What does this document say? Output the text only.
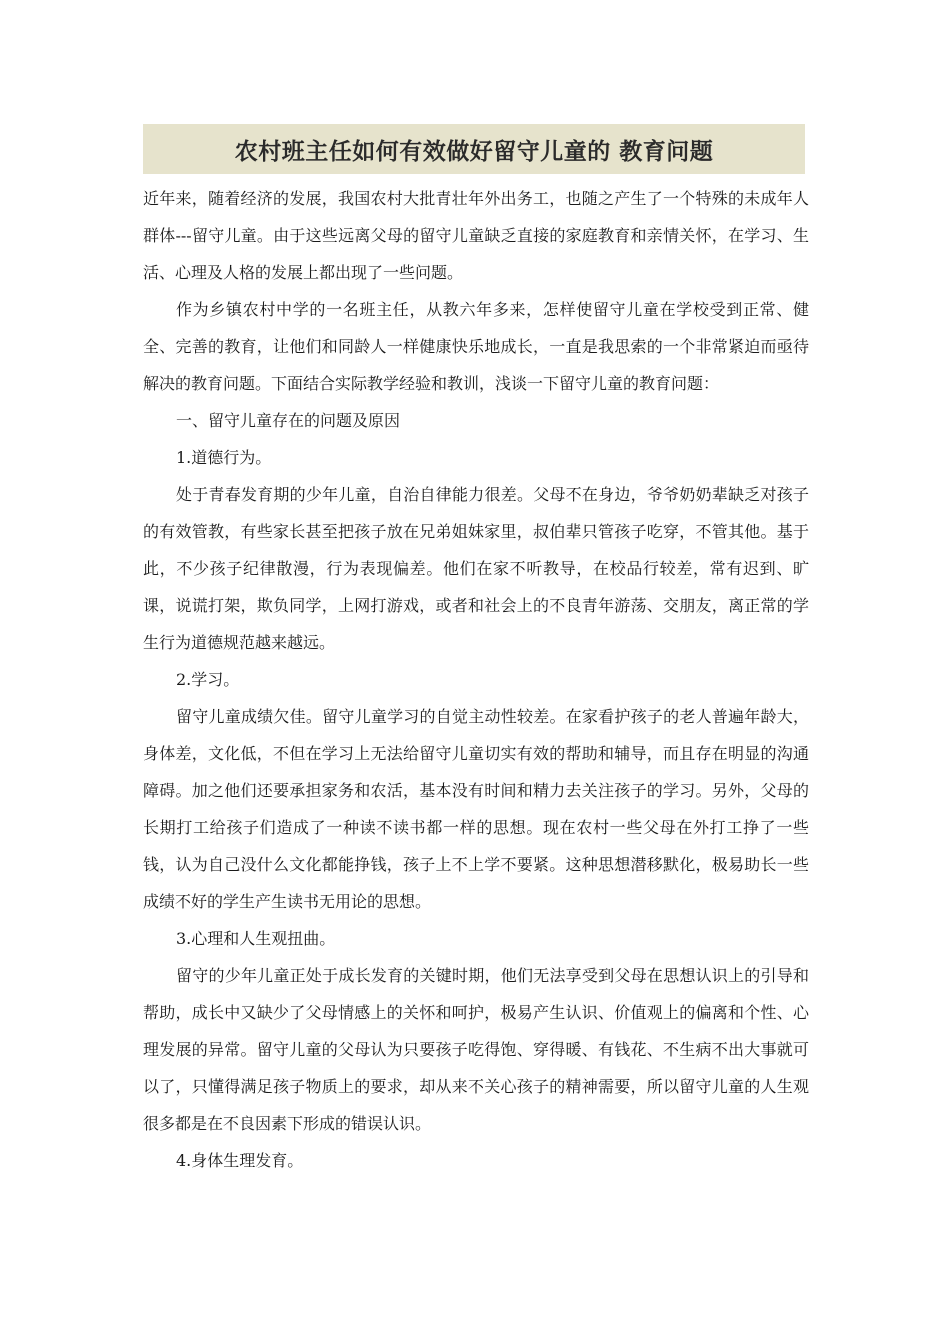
农村班主任如何有效做好留守儿童的 教育问题

近年来，随着经济的发展，我国农村大批青壮年外出务工，也随之产生了一个特殊的未成年人群体---留守儿童。由于这些远离父母的留守儿童缺乏直接的家庭教育和亲情关怀，在学习、生活、心理及人格的发展上都出现了一些问题。

作为乡镇农村中学的一名班主任，从教六年多来，怎样使留守儿童在学校受到正常、健全、完善的教育，让他们和同龄人一样健康快乐地成长，一直是我思索的一个非常紧迫而亟待解决的教育问题。下面结合实际教学经验和教训，浅谈一下留守儿童的教育问题：

一、留守儿童存在的问题及原因

1.道德行为。

处于青春发育期的少年儿童，自治自律能力很差。父母不在身边，爷爷奶奶辈缺乏对孩子的有效管教，有些家长甚至把孩子放在兄弟姐妹家里，叔伯辈只管孩子吃穿，不管其他。基于此，不少孩子纪律散漫，行为表现偏差。他们在家不听教导，在校品行较差，常有迟到、旷课，说谎打架，欺负同学，上网打游戏，或者和社会上的不良青年游荡、交朋友，离正常的学生行为道德规范越来越远。

2.学习。

留守儿童成绩欠佳。留守儿童学习的自觉主动性较差。在家看护孩子的老人普遍年龄大，身体差，文化低，不但在学习上无法给留守儿童切实有效的帮助和辅导，而且存在明显的沟通障碍。加之他们还要承担家务和农活，基本没有时间和精力去关注孩子的学习。另外，父母的长期打工给孩子们造成了一种读不读书都一样的思想。现在农村一些父母在外打工挣了一些钱，认为自己没什么文化都能挣钱，孩子上不上学不要紧。这种思想潜移默化，极易助长一些成绩不好的学生产生读书无用论的思想。

3.心理和人生观扭曲。

留守的少年儿童正处于成长发育的关键时期，他们无法享受到父母在思想认识上的引导和帮助，成长中又缺少了父母情感上的关怀和呵护，极易产生认识、价值观上的偏离和个性、心理发展的异常。留守儿童的父母认为只要孩子吃得饱、穿得暖、有钱花、不生病不出大事就可以了，只懂得满足孩子物质上的要求，却从来不关心孩子的精神需要，所以留守儿童的人生观很多都是在不良因素下形成的错误认识。

4.身体生理发育。
